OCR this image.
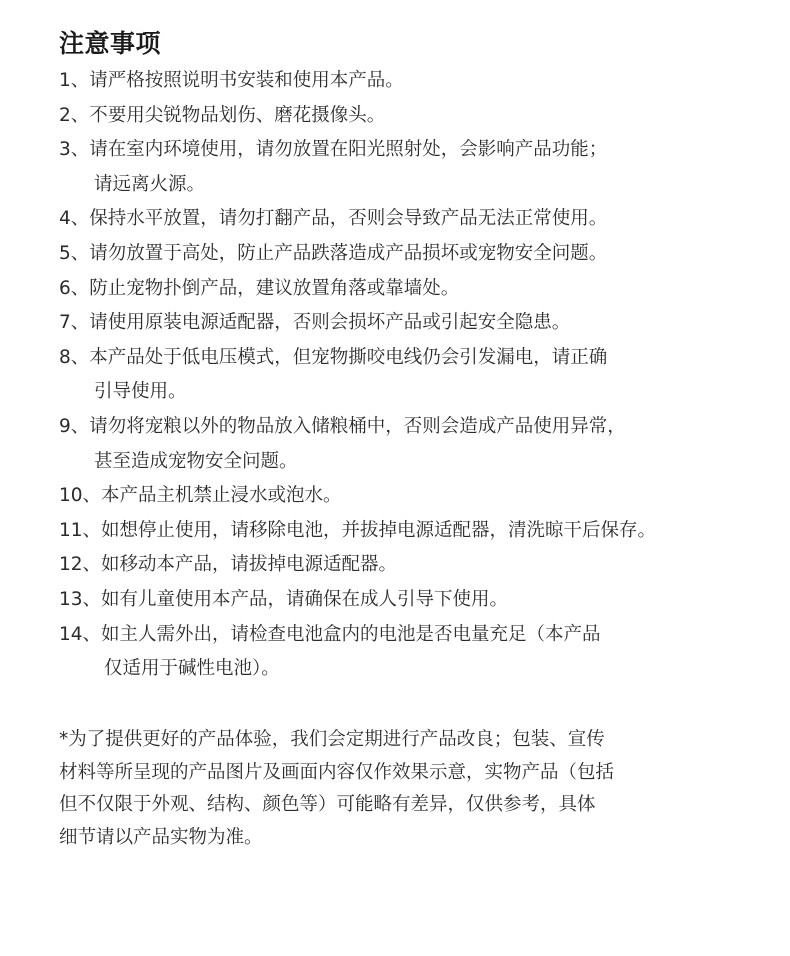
注意事项
1、请严格按照说明书安装和使用本产品。
2、不要用尖锐物品划伤、磨花摄像头。
3、请在室内环境使用，请勿放置在阳光照射处，会影响产品功能；
请远离火源。
4、保持水平放置，请勿打翻产品，否则会导致产品无法正常使用。
5、请勿放置于高处，防止产品跌落造成产品损坏或宠物安全问题。
6、防止宠物扑倒产品，建议放置角落或靠墙处。
7、请使用原装电源适配器，否则会损坏产品或引起安全隐患。
8、本产品处于低电压模式，但宠物撕咬电线仍会引发漏电，请正确
引导使用。
9、请勿将宠粮以外的物品放入储粮桶中，否则会造成产品使用异常，
甚至造成宠物安全问题。
10、本产品主机禁止浸水或泡水。
11、如想停止使用，请移除电池，并拔掉电源适配器，清洗晾干后保存。
12、如移动本产品，请拔掉电源适配器。
13、如有儿童使用本产品，请确保在成人引导下使用。
14、如主人需外出，请检查电池盒内的电池是否电量充足（本产品
仅适用于碱性电池）。
*为了提供更好的产品体验，我们会定期进行产品改良；包装、宣传
材料等所呈现的产品图片及画面内容仅作效果示意，实物产品（包括
但不仅限于外观、结构、颜色等）可能略有差异，仅供参考，具体
细节请以产品实物为准。
